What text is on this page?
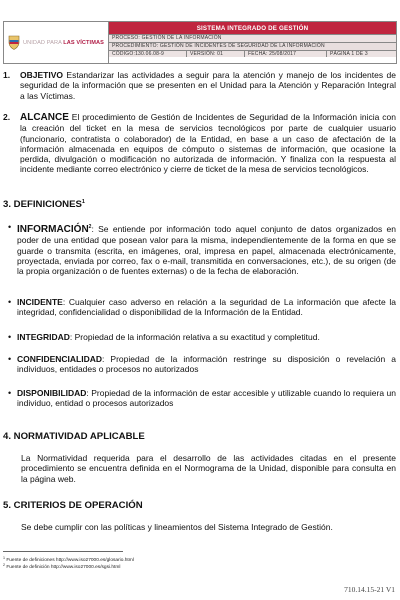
UNIDAD PARA LAS VÍCTIMAS
SISTEMA INTEGRADO DE GESTIÓN
PROCESO: GESTIÓN DE LA INFORMACIÓN
PROCEDIMIENTO: GESTIÓN DE INCIDENTES DE SEGURIDAD DE LA INFORMACIÓN
CÓDIGO:130.06.08-9	VERSIÓN: 01	FECHA: 25/08/2017	PÁGINA 1 DE 3
1. OBJETIVO Estandarizar las actividades a seguir para la atención y manejo de los incidentes de seguridad de la información que se presenten en el Unidad para la Atención y Reparación Integral a las Víctimas.
2. ALCANCE El procedimiento de Gestión de Incidentes de Seguridad de la Información inicia con la creación del ticket en la mesa de servicios tecnológicos por parte de cualquier usuario (funcionario, contratista o colaborador) de la Entidad, en base a un caso de afectación de la información almacenada en equipos de cómputo o sistemas de información, que ocasione la perdida, divulgación o modificación no autorizada de información. Y finaliza con la respuesta al incidente mediante correo electrónico y cierre de ticket de la mesa de servicios tecnológicos.
3. DEFINICIONES$^1$
• INFORMACIÓN$^2$: Se entiende por información todo aquel conjunto de datos organizados en poder de una entidad que posean valor para la misma, independientemente de la forma en que se guarde o transmita (escrita, en imágenes, oral, impresa en papel, almacenada electrónicamente, proyectada, enviada por correo, fax o e-mail, transmitida en conversaciones, etc.), de su origen (de la propia organización o de fuentes externas) o de la fecha de elaboración.
• INCIDENTE: Cualquier caso adverso en relación a la seguridad de La información que afecte la integridad, confidencialidad o disponibilidad de la Información de la Entidad.
• INTEGRIDAD: Propiedad de la información relativa a su exactitud y completitud.
• CONFIDENCIALIDAD: Propiedad de la información restringe su disposición o revelación a individuos, entidades o procesos no autorizados
• DISPONIBILIDAD: Propiedad de la información de estar accesible y utilizable cuando lo requiera un individuo, entidad o procesos autorizados
4. NORMATIVIDAD APLICABLE
La Normatividad requerida para el desarrollo de las actividades citadas en el presente procedimiento se encuentra definida en el Normograma de la Unidad, disponible para consulta en la página web.
5. CRITERIOS DE OPERACIÓN
Se debe cumplir con las políticas y lineamientos del Sistema Integrado de Gestión.
$^1$ Fuente de definiciones http://www.iso27000.es/glosario.html
$^2$ Fuente de definición http://www.iso27000.es/sgsi.html
710.14.15-21 V1
